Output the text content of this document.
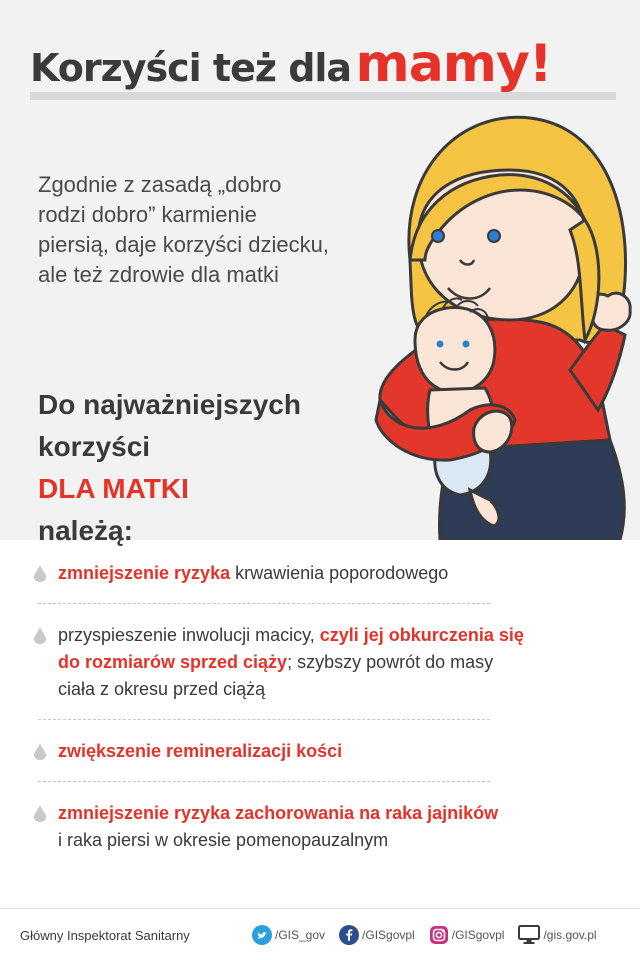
Korzyści też dla mamy!
Zgodnie z zasadą „dobro
rodzi dobro” karmienie
piersią, daje korzyści dziecku,
ale też zdrowie dla matki
Do najważniejszych
korzyści
DLA MATKI
należą:
zmniejszenie ryzyka krwawienia poporodowego
przyspieszenie inwolucji macicy, czyli jej obkurczenia się
do rozmiarów sprzed ciąży; szybszy powrót do masy
ciała z okresu przed ciążą
zwiększenie remineralizacji kości
zmniejszenie ryzyka zachorowania na raka jajników
i raka piersi w okresie pomenopauzalnym
Główny Inspektorat Sanitarny	/GIS_gov	/GISgovpl	/GISgovpl	/gis.gov.pl
